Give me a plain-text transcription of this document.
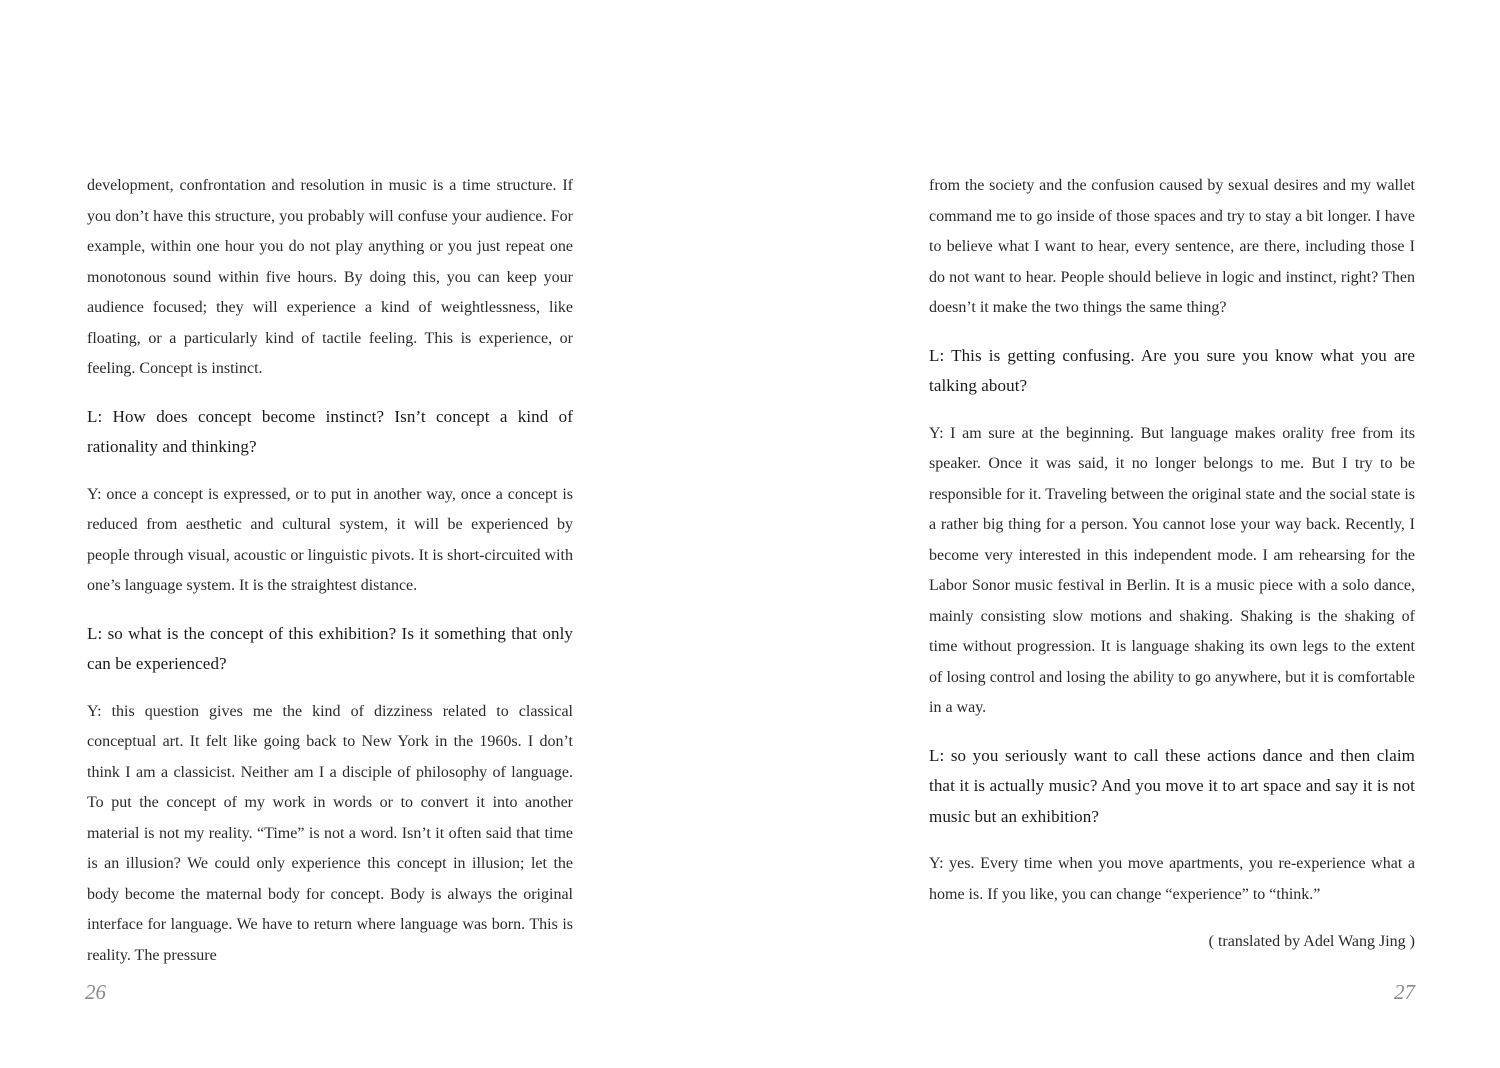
development, confrontation and resolution in music is a time structure. If you don’t have this structure, you probably will confuse your audience. For example, within one hour you do not play anything or you just repeat one monotonous sound within five hours. By doing this, you can keep your audience focused; they will experience a kind of weightlessness, like floating, or a particularly kind of tactile feeling. This is experience, or feeling. Concept is instinct.

L: How does concept become instinct? Isn’t concept a kind of rationality and thinking?

Y: once a concept is expressed, or to put in another way, once a concept is reduced from aesthetic and cultural system, it will be experienced by people through visual, acoustic or linguistic pivots. It is short-circuited with one’s language system. It is the straightest distance.

L: so what is the concept of this exhibition? Is it something that only can be experienced?

Y: this question gives me the kind of dizziness related to classical conceptual art. It felt like going back to New York in the 1960s. I don’t think I am a classicist. Neither am I a disciple of philosophy of language. To put the concept of my work in words or to convert it into another material is not my reality. “Time” is not a word. Isn’t it often said that time is an illusion? We could only experience this concept in illusion; let the body become the maternal body for concept. Body is always the original interface for language. We have to return where language was born. This is reality. The pressure

26

from the society and the confusion caused by sexual desires and my wallet command me to go inside of those spaces and try to stay a bit longer. I have to believe what I want to hear, every sentence, are there, including those I do not want to hear. People should believe in logic and instinct, right? Then doesn’t it make the two things the same thing?

L: This is getting confusing. Are you sure you know what you are talking about?

Y: I am sure at the beginning. But language makes orality free from its speaker. Once it was said, it no longer belongs to me. But I try to be responsible for it. Traveling between the original state and the social state is a rather big thing for a person. You cannot lose your way back. Recently, I become very interested in this independent mode. I am rehearsing for the Labor Sonor music festival in Berlin. It is a music piece with a solo dance, mainly consisting slow motions and shaking. Shaking is the shaking of time without progression. It is language shaking its own legs to the extent of losing control and losing the ability to go anywhere, but it is comfortable in a way.

L: so you seriously want to call these actions dance and then claim that it is actually music? And you move it to art space and say it is not music but an exhibition?

Y: yes. Every time when you move apartments, you re-experience what a home is. If you like, you can change “experience” to “think.”

( translated by Adel Wang Jing )

27
